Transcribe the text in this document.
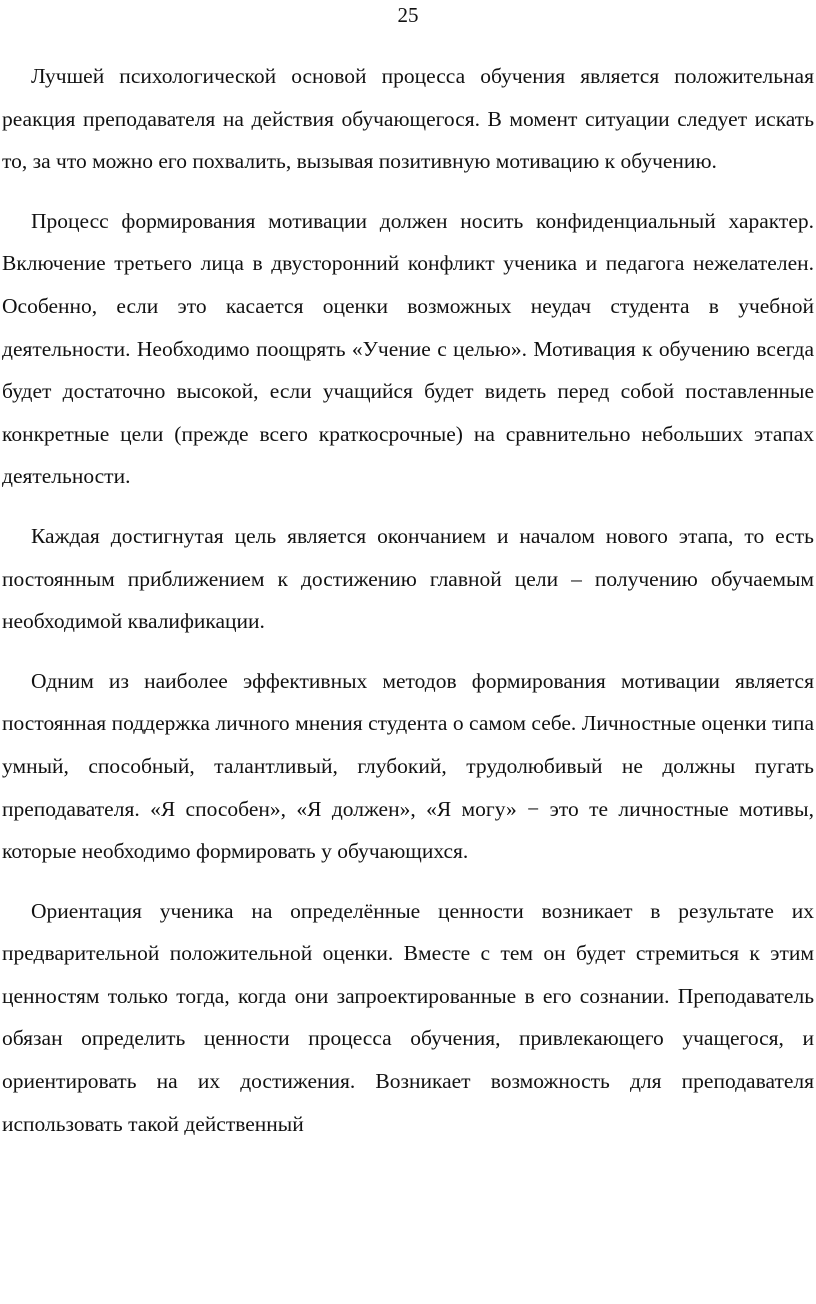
25

Лучшей психологической основой процесса обучения является положительная реакция преподавателя на действия обучающегося. В момент ситуации следует искать то, за что можно его похвалить, вызывая позитивную мотивацию к обучению.

Процесс формирования мотивации должен носить конфиденциальный характер. Включение третьего лица в двусторонний конфликт ученика и педагога нежелателен. Особенно, если это касается оценки возможных неудач студента в учебной деятельности. Необходимо поощрять «Учение с целью». Мотивация к обучению всегда будет достаточно высокой, если учащийся будет видеть перед собой поставленные конкретные цели (прежде всего краткосрочные) на сравнительно небольших этапах деятельности.

Каждая достигнутая цель является окончанием и началом нового этапа, то есть постоянным приближением к достижению главной цели – получению обучаемым необходимой квалификации.

Одним из наиболее эффективных методов формирования мотивации является постоянная поддержка личного мнения студента о самом себе. Личностные оценки типа умный, способный, талантливый, глубокий, трудолюбивый не должны пугать преподавателя. «Я способен», «Я должен», «Я могу» − это те личностные мотивы, которые необходимо формировать у обучающихся.

Ориентация ученика на определённые ценности возникает в результате их предварительной положительной оценки. Вместе с тем он будет стремиться к этим ценностям только тогда, когда они запроектированные в его сознании. Преподаватель обязан определить ценности процесса обучения, привлекающего учащегося, и ориентировать на их достижения. Возникает возможность для преподавателя использовать такой действенный
